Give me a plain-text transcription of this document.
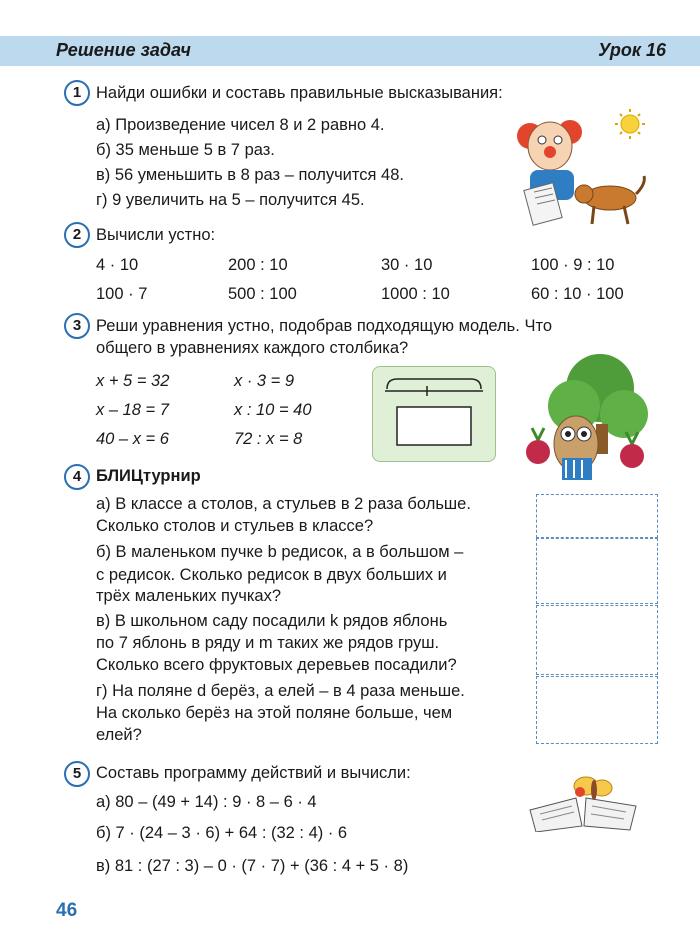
Решение задач	Урок 16
1 Найди ошибки и составь правильные высказывания:
а) Произведение чисел 8 и 2 равно 4.
б) 35 меньше 5 в 7 раз.
в) 56 уменьшить в 8 раз – получится 48.
г) 9 увеличить на 5 – получится 45.
2 Вычисли устно:
4 · 10	200 : 10	30 · 10	100 · 9 : 10
100 · 7	500 : 100	1000 : 10	60 : 10 · 100
3 Реши уравнения устно, подобрав подходящую модель. Что
общего в уравнениях каждого столбика?
x + 5 = 32
x – 18 = 7
40 – x = 6
x · 3 = 9
x : 10 = 40
72 : x = 8
4 БЛИЦтурнир
а) В классе a столов, а стульев в 2 раза больше.
Сколько столов и стульев в классе?
б) В маленьком пучке b редисок, а в большом –
c редисок. Сколько редисок в двух больших и
трёх маленьких пучках?
в) В школьном саду посадили k рядов яблонь
по 7 яблонь в ряду и m таких же рядов груш.
Сколько всего фруктовых деревьев посадили?
г) На поляне d берёз, а елей – в 4 раза меньше.
На сколько берёз на этой поляне больше, чем
елей?
5 Составь программу действий и вычисли:
а) 80 – (49 + 14) : 9 · 8 – 6 · 4
б) 7 · (24 – 3 · 6) + 64 : (32 : 4) · 6
в) 81 : (27 : 3) – 0 · (7 · 7) + (36 : 4 + 5 · 8)
46
